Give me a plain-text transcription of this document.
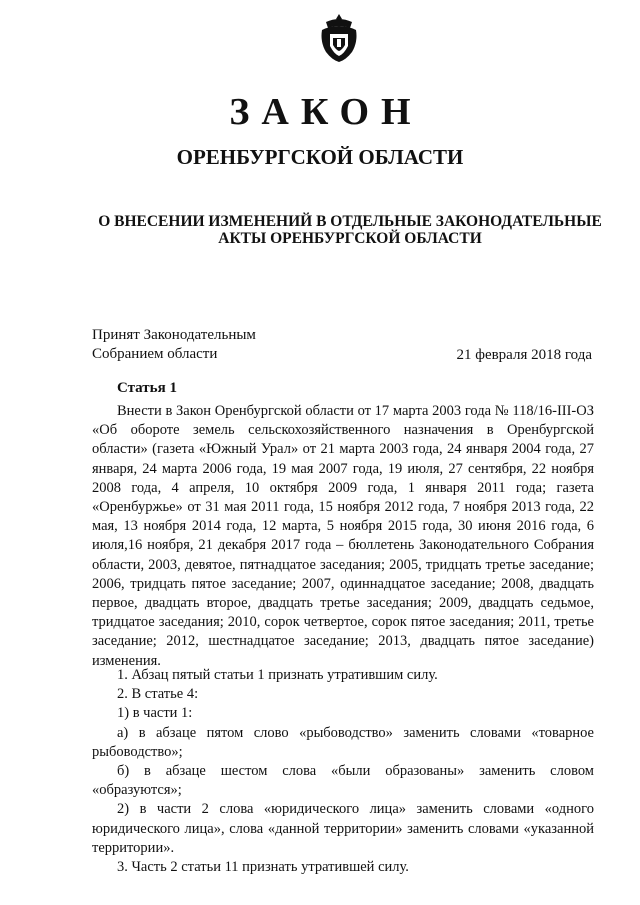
ЗАКОН
ОРЕНБУРГСКОЙ ОБЛАСТИ
О ВНЕСЕНИИ ИЗМЕНЕНИЙ В ОТДЕЛЬНЫЕ ЗАКОНОДАТЕЛЬНЫЕ
АКТЫ ОРЕНБУРГСКОЙ ОБЛАСТИ
Принят Законодательным
Собранием области	21 февраля 2018 года
Статья 1

Внести в Закон Оренбургской области от 17 марта 2003 года № 118/16-III-ОЗ «Об обороте земель сельскохозяйственного назначения в Оренбургской области» (газета «Южный Урал» от 21 марта 2003 года, 24 января 2004 года, 27 января, 24 марта 2006 года, 19 мая 2007 года, 19 июля, 27 сентября, 22 ноября 2008 года, 4 апреля, 10 октября 2009 года, 1 января 2011 года; газета «Оренбуржье» от 31 мая 2011 года, 15 ноября 2012 года, 7 ноября 2013 года, 22 мая, 13 ноября 2014 года, 12 марта, 5 ноября 2015 года, 30 июня 2016 года, 6 июля,16 ноября, 21 декабря 2017 года – бюллетень Законодательного Собрания области, 2003, девятое, пятнадцатое заседания; 2005, тридцать третье заседание; 2006, тридцать пятое заседание; 2007, одиннадцатое заседание; 2008, двадцать первое, двадцать второе, двадцать третье заседания; 2009, двадцать седьмое, тридцатое заседания; 2010, сорок четвертое, сорок пятое заседания; 2011, третье заседание; 2012, шестнадцатое заседание; 2013, двадцать пятое заседание) изменения.

1. Абзац пятый статьи 1 признать утратившим силу.

2. В статье 4:

1) в части 1:

а) в абзаце пятом слово «рыбоводство» заменить словами «товарное рыбоводство»;

б) в абзаце шестом слова «были образованы» заменить словом «образуются»;

2) в части 2 слова «юридического лица» заменить словами «одного юридического лица», слова «данной территории» заменить словами «указанной территории».

3. Часть 2 статьи 11 признать утратившей силу.
